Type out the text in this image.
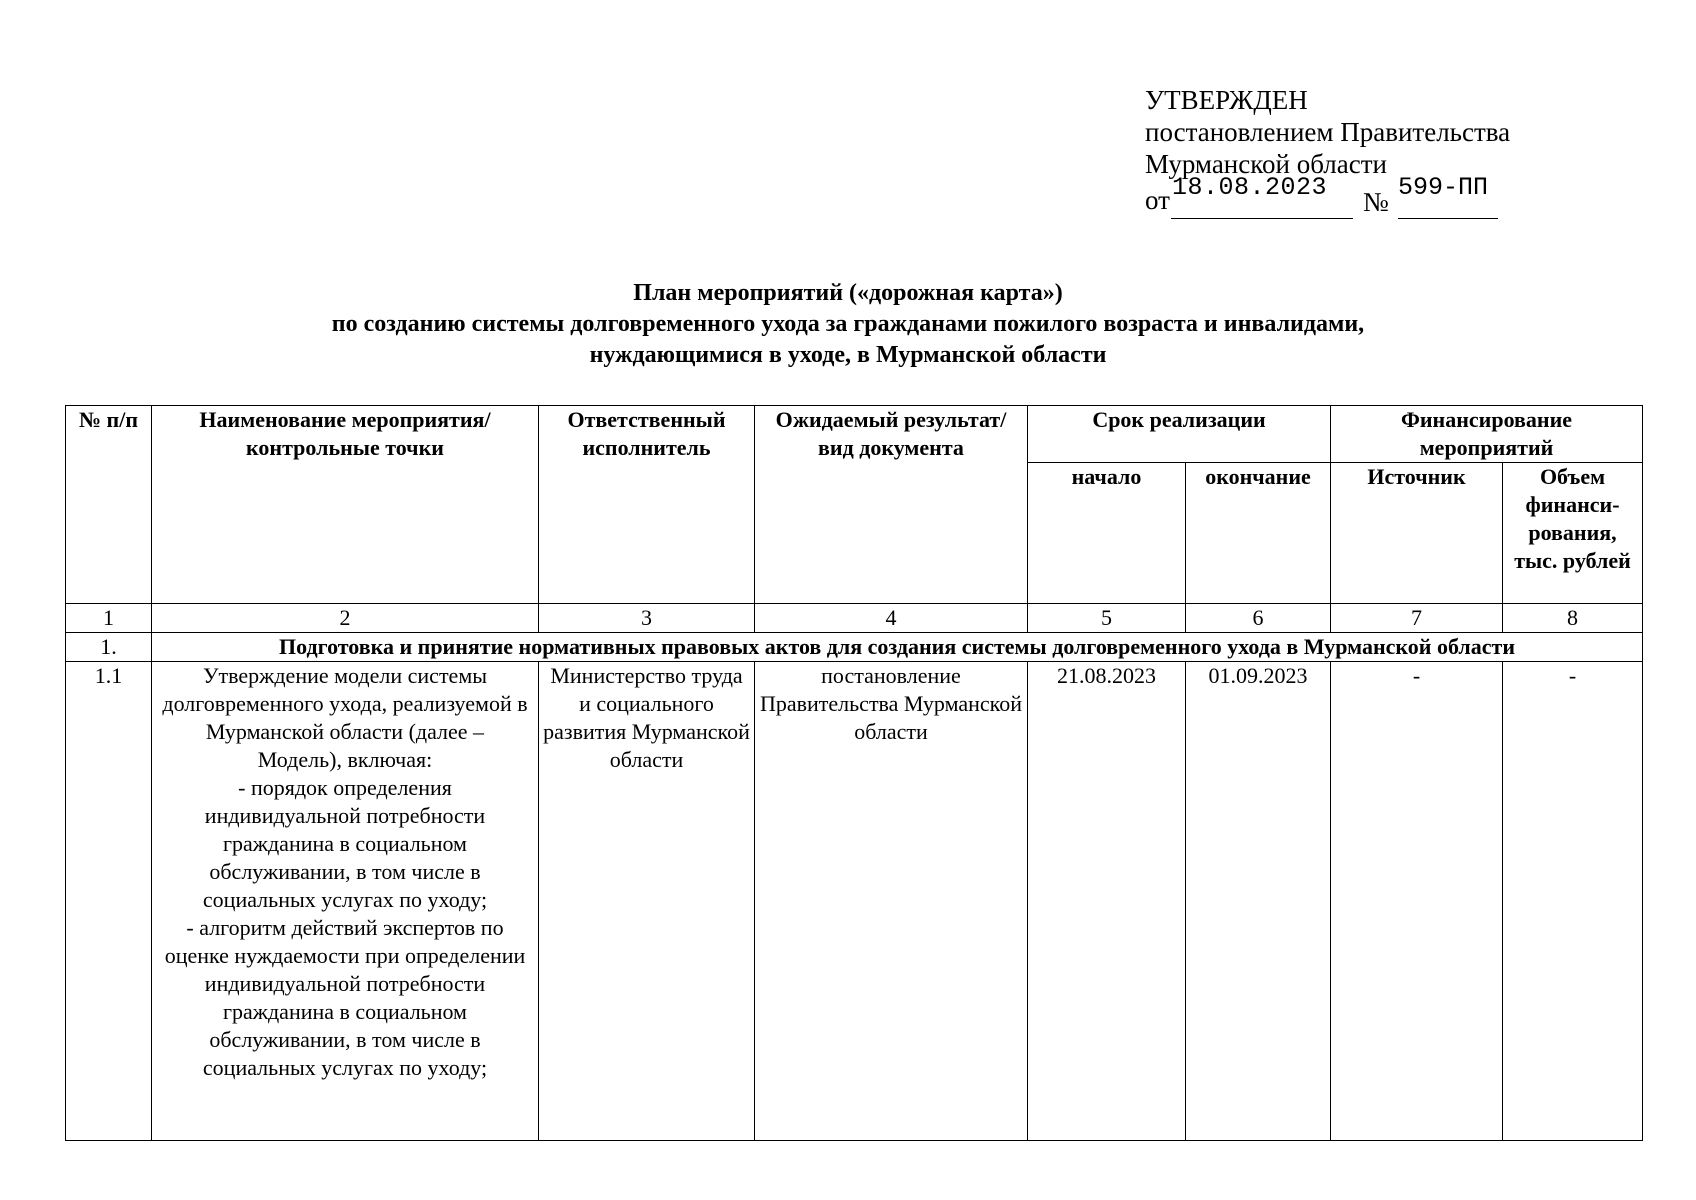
УТВЕРЖДЕН
постановлением Правительства
Мурманской области
от 18.08.2023 № 599-ПП
План мероприятий («дорожная карта»)
по созданию системы долговременного ухода за гражданами пожилого возраста и инвалидами,
нуждающимися в уходе, в Мурманской области
№ п/п	Наименование мероприятия/ контрольные точки	Ответственный исполнитель	Ожидаемый результат/вид документа	Срок реализации		Финансирование мероприятий	
				начало	окончание	Источник	Объем финанси-рования, тыс. рублей
1	2	3	4	5	6	7	8
1.	Подготовка и принятие нормативных правовых актов для создания системы долговременного ухода в Мурманской области						
1.1	Утверждение модели системы долговременного ухода, реализуемой в Мурманской области (далее – Модель), включая:
- порядок определения индивидуальной потребности гражданина в социальном обслуживании, в том числе в социальных услугах по уходу;
- алгоритм действий экспертов по оценке нуждаемости при определении индивидуальной потребности гражданина в социальном обслуживании, в том числе в социальных услугах по уходу;	Министерство труда и социального развития Мурманской области	постановление Правительства Мурманской области	21.08.2023	01.09.2023	-	-
